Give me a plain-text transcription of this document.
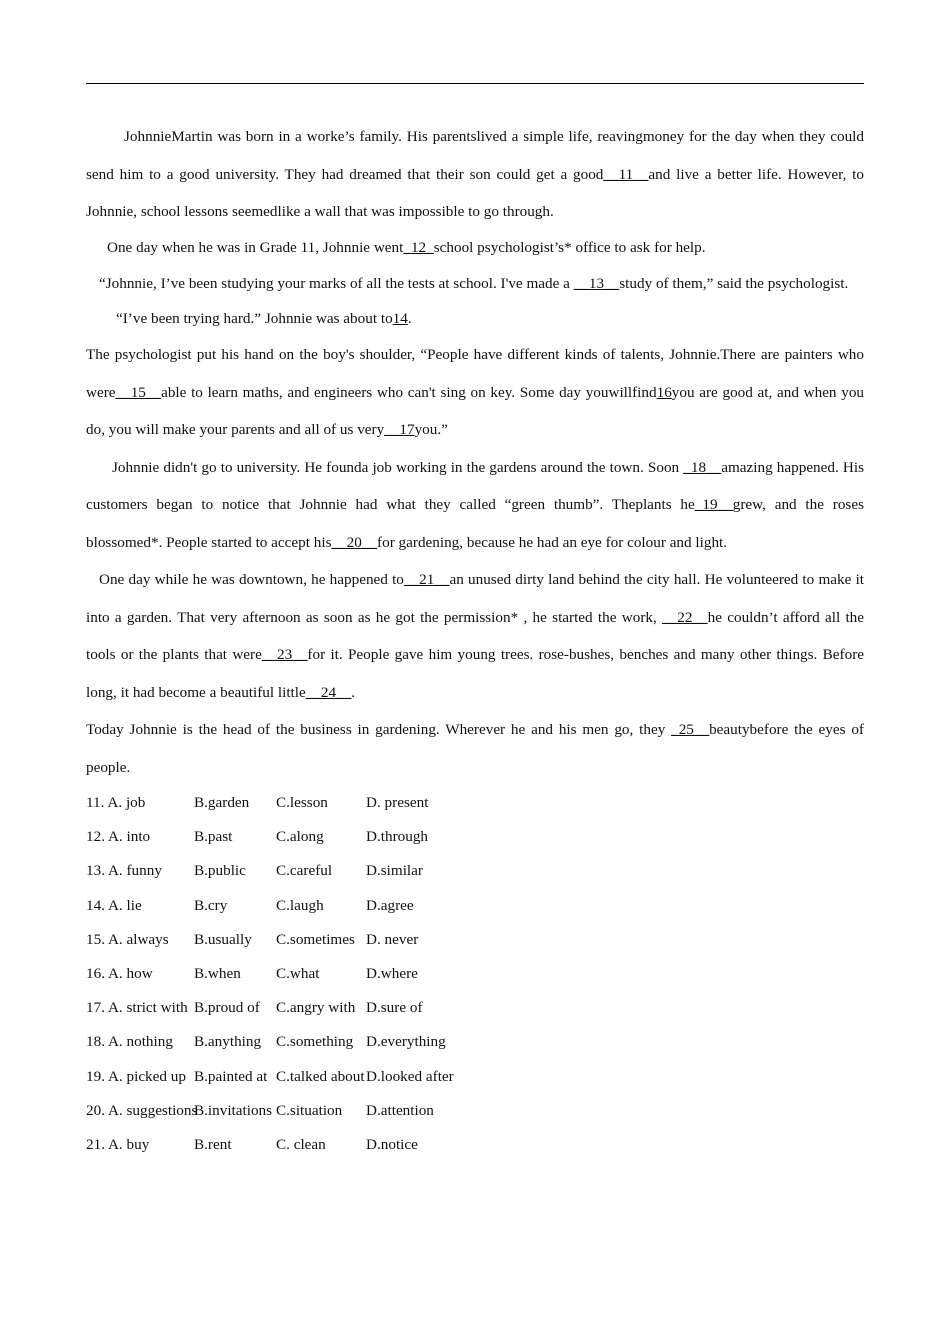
JohnnieMartin was born in a worke’s family. His parentslived a simple life, reavingmoney for the day when they could send him to a good university. They had dreamed that their son could get a good__11__and live a better life. However, to Johnnie, school lessons seemedlike a wall that was impossible to go through.

One day when he was in Grade 11, Johnnie went_12_school psychologist’s* office to ask for help.

“Johnnie, I’ve been studying your marks of all the tests at school. I've made a __13__study of them,” said the psychologist.

“I’ve been trying hard.” Johnnie was about to14.

The psychologist put his hand on the boy's shoulder, “People have different kinds of talents, Johnnie.There are painters who were__15__able to learn maths, and engineers who can't sing on key. Some day youwillfind16you are good at, and when you do, you will make your parents and all of us very__17you.”

Johnnie didn't go to university. He founda job working in the gardens around the town. Soon _18__amazing happened. His customers began to notice that Johnnie had what they called “green thumb”. Theplants he_19__grew, and the roses blossomed*. People started to accept his__20__for gardening, because he had an eye for colour and light.

One day while he was downtown, he happened to__21__an unused dirty land behind the city hall. He volunteered to make it into a garden. That very afternoon as soon as he got the permission* , he started the work, __22__he couldn’t afford all the tools or the plants that were__23__for it. People gave him young trees. rose-bushes, benches and many other things. Before long, it had become a beautiful little__24__.

Today Johnnie is the head of the business in gardening. Wherever he and his men go, they _25__beautybefore the eyes of people.

11. A. job	B.garden C.lesson	D. present

12. A. into	B.past	C.along	D.through

13. A. funny B.public C.careful D.similar

14. A. lie	B.cry	C.laugh	D.agree

15. A. always B.usually C.sometimes D. never

16. A. how	B.when C.what	D.where

17. A. strict with B.proud of C.angry with D.sure of

18. A. nothing B.anything C.something D.everything

19. A. picked up B.painted at C.talked aboutD.looked after

20. A. suggestionsB.invitations C.situation D.attention

21. A. buy	B.rent	C. clean	D.notice
